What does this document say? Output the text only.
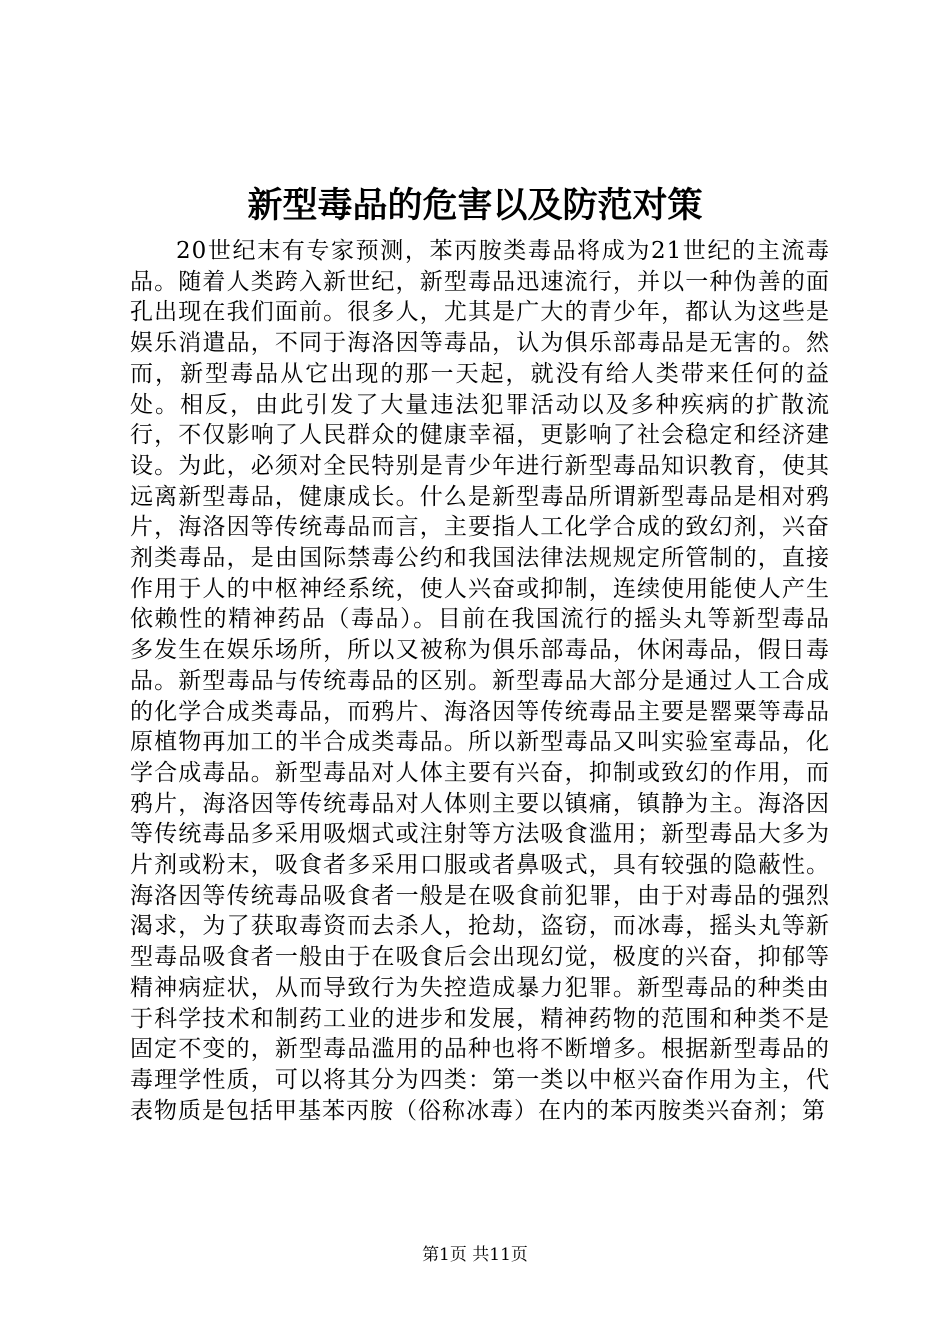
新型毒品的危害以及防范对策

20世纪末有专家预测，苯丙胺类毒品将成为21世纪的主流毒品。随着人类跨入新世纪，新型毒品迅速流行，并以一种伪善的面孔出现在我们面前。很多人，尤其是广大的青少年，都认为这些是娱乐消遣品，不同于海洛因等毒品，认为俱乐部毒品是无害的。然而，新型毒品从它出现的那一天起，就没有给人类带来任何的益处。相反，由此引发了大量违法犯罪活动以及多种疾病的扩散流行，不仅影响了人民群众的健康幸福，更影响了社会稳定和经济建设。为此，必须对全民特别是青少年进行新型毒品知识教育，使其远离新型毒品，健康成长。什么是新型毒品所谓新型毒品是相对鸦片，海洛因等传统毒品而言，主要指人工化学合成的致幻剂，兴奋剂类毒品，是由国际禁毒公约和我国法律法规规定所管制的，直接作用于人的中枢神经系统，使人兴奋或抑制，连续使用能使人产生依赖性的精神药品（毒品）。目前在我国流行的摇头丸等新型毒品多发生在娱乐场所，所以又被称为俱乐部毒品，休闲毒品，假日毒品。新型毒品与传统毒品的区别。新型毒品大部分是通过人工合成的化学合成类毒品，而鸦片、海洛因等传统毒品主要是罂粟等毒品原植物再加工的半合成类毒品。所以新型毒品又叫实验室毒品，化学合成毒品。新型毒品对人体主要有兴奋，抑制或致幻的作用，而鸦片，海洛因等传统毒品对人体则主要以镇痛，镇静为主。海洛因等传统毒品多采用吸烟式或注射等方法吸食滥用；新型毒品大多为片剂或粉末，吸食者多采用口服或者鼻吸式，具有较强的隐蔽性。海洛因等传统毒品吸食者一般是在吸食前犯罪，由于对毒品的强烈渴求，为了获取毒资而去杀人，抢劫，盗窃，而冰毒，摇头丸等新型毒品吸食者一般由于在吸食后会出现幻觉，极度的兴奋，抑郁等精神病症状，从而导致行为失控造成暴力犯罪。新型毒品的种类由于科学技术和制药工业的进步和发展，精神药物的范围和种类不是固定不变的，新型毒品滥用的品种也将不断增多。根据新型毒品的毒理学性质，可以将其分为四类：第一类以中枢兴奋作用为主，代表物质是包括甲基苯丙胺（俗称冰毒）在内的苯丙胺类兴奋剂；第

第1页 共11页
